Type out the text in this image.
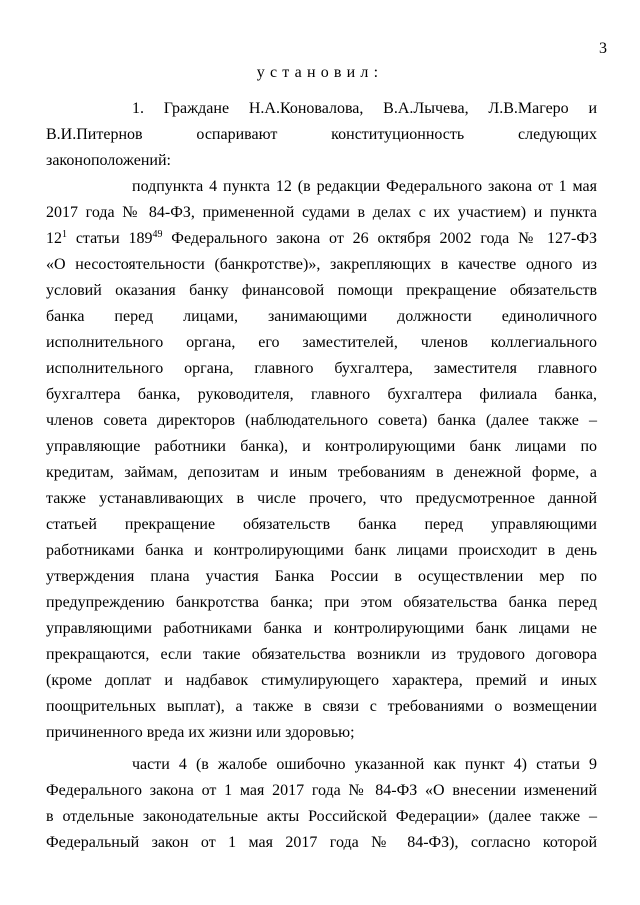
3
установил:
1. Граждане Н.А.Коновалова, В.А.Лычева, Л.В.Магеро и
В.И.Питернов оспаривают конституционность следующих
законоположений:
подпункта 4 пункта 12 (в редакции Федерального закона от 1 мая
2017 года № 84-ФЗ, примененной судами в делах с их участием) и пункта
$12^1$ статьи $189^{49}$ Федерального закона от 26 октября 2002 года № 127-ФЗ
«О несостоятельности (банкротстве)», закрепляющих в качестве одного из
условий оказания банку финансовой помощи прекращение обязательств
банка перед лицами, занимающими должности единоличного
исполнительного органа, его заместителей, членов коллегиального
исполнительного органа, главного бухгалтера, заместителя главного
бухгалтера банка, руководителя, главного бухгалтера филиала банка,
членов совета директоров (наблюдательного совета) банка (далее также –
управляющие работники банка), и контролирующими банк лицами по
кредитам, займам, депозитам и иным требованиям в денежной форме, а
также устанавливающих в числе прочего, что предусмотренное данной
статьей прекращение обязательств банка перед управляющими
работниками банка и контролирующими банк лицами происходит в день
утверждения плана участия Банка России в осуществлении мер по
предупреждению банкротства банка; при этом обязательства банка перед
управляющими работниками банка и контролирующими банк лицами не
прекращаются, если такие обязательства возникли из трудового договора
(кроме доплат и надбавок стимулирующего характера, премий и иных
поощрительных выплат), а также в связи с требованиями о возмещении
причиненного вреда их жизни или здоровью;
части 4 (в жалобе ошибочно указанной как пункт 4) статьи 9
Федерального закона от 1 мая 2017 года № 84-ФЗ «О внесении изменений
в отдельные законодательные акты Российской Федерации» (далее также –
Федеральный закон от 1 мая 2017 года № 84-ФЗ), согласно которой
